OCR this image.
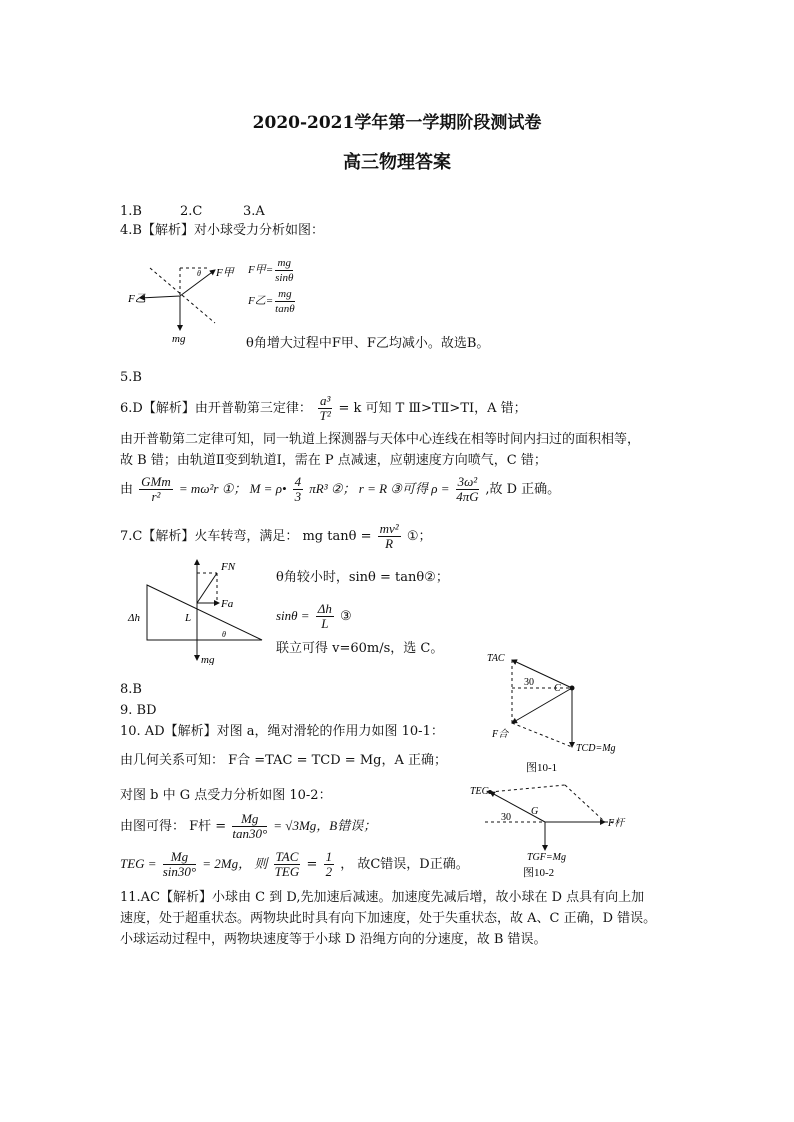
2020-2021学年第一学期阶段测试卷
高三物理答案
1.B	2.C	3.A
4.B【解析】对小球受力分析如图：
F甲
F乙
mg
θ	F甲= $\frac{mg}{\sin\theta}$
F乙= $\frac{mg}{\tan\theta}$
θ角增大过程中F甲、F乙均减小。故选B。
5.B
6.D【解析】由开普勒第三定律： $\frac{\text{a³}}{\text{T²}} = k$ 可知 T Ⅲ>TⅡ>TⅠ，A 错；
由开普勒第二定律可知，同一轨道上探测器与天体中心连线在相等时间内扫过的面积相等，
故 B 错；由轨道Ⅱ变到轨道Ⅰ，需在 P 点减速，应朝速度方向喷气，C 错；
由 $\frac{\text{GMm}}{\text{r²}} = m\omega^2r$ ①； M = ρ• $\frac{4}{3} \pi R^3$ ②； r = R ③可得 $\rho = \frac{\text{3ω²}}{4\pi G}$ ,故 D 正确。
7.C【解析】火车转弯，满足： mg $\tan\theta = \frac{\text{mv²}}{R}$ ①；
FN
Fa
mg
Δh	L
θ
θ角较小时，sinθ = tanθ②；
$\sin\theta = \frac{\Delta h}{L}$ ③
联立可得 v=60m/s，选 C。
TAC
30
C
F合
TCD=Mg
图10-1
8.B
9. BD
10. AD【解析】对图 a，绳对滑轮的作用力如图 10-1：
由几何关系可知： F合 =TAC = TCD = Mg，A 正确；
对图 b 中 G 点受力分析如图 10-2：
由图可得： F杆 = $\frac{Mg}{\tan 30^\circ} = √3Mg$，B错误；
TEG = $\frac{Mg}{\sin 30^\circ} = 2Mg$， 则 $\frac{\text{TAC}}{\text{TEG}} = \frac{1}{2}$ ， 故C错误，D正确。
TEG
30
G
F杆
TGF=Mg
图10-2
11.AC【解析】小球由 C 到 D,先加速后减速。加速度先减后增，故小球在 D 点具有向上加
速度，处于超重状态。两物块此时具有向下加速度，处于失重状态，故 A、C 正确，D 错误。
小球运动过程中，两物块速度等于小球 D 沿绳方向的分速度，故 B 错误。
